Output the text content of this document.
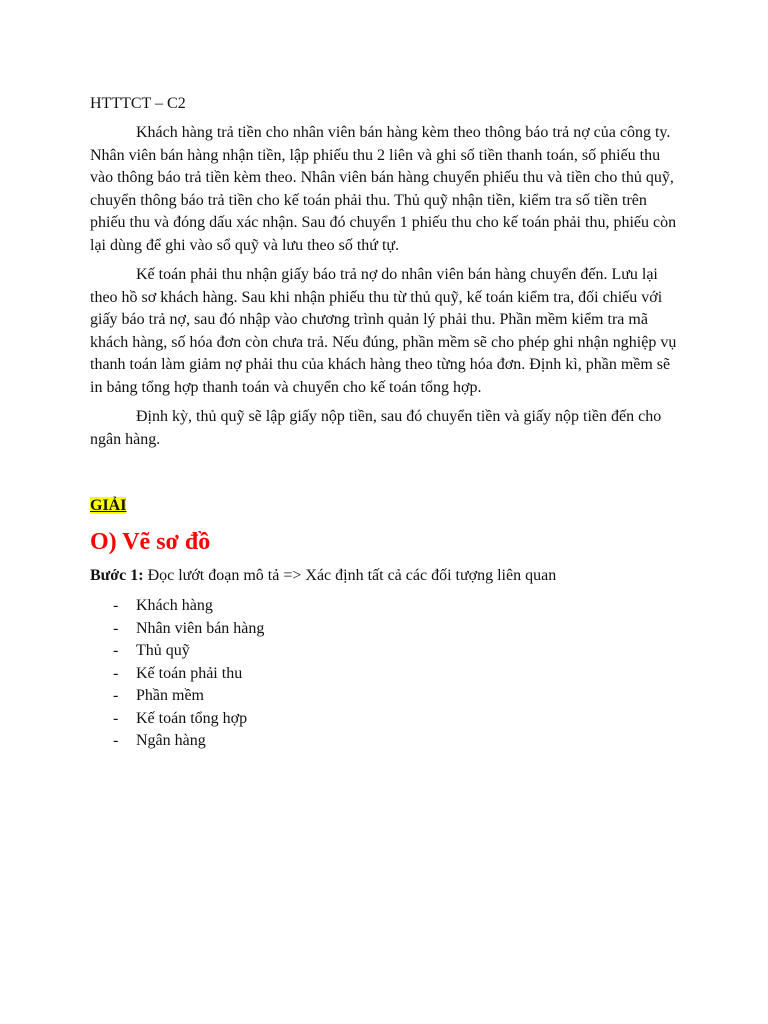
HTTTCT – C2

Khách hàng trả tiền cho nhân viên bán hàng kèm theo thông báo trả nợ của công ty. Nhân viên bán hàng nhận tiền, lập phiếu thu 2 liên và ghi số tiền thanh toán, số phiếu thu vào thông báo trả tiền kèm theo. Nhân viên bán hàng chuyển phiếu thu và tiền cho thủ quỹ, chuyển thông báo trả tiền cho kế toán phải thu. Thủ quỹ nhận tiền, kiểm tra số tiền trên phiếu thu và đóng dấu xác nhận. Sau đó chuyển 1 phiếu thu cho kế toán phải thu, phiếu còn lại dùng để ghi vào sổ quỹ và lưu theo số thứ tự.

Kế toán phải thu nhận giấy báo trả nợ do nhân viên bán hàng chuyển đến. Lưu lại theo hồ sơ khách hàng. Sau khi nhận phiếu thu từ thủ quỹ, kế toán kiểm tra, đối chiếu với giấy báo trả nợ, sau đó nhập vào chương trình quản lý phải thu. Phần mềm kiểm tra mã khách hàng, số hóa đơn còn chưa trả. Nếu đúng, phần mềm sẽ cho phép ghi nhận nghiệp vụ thanh toán làm giảm nợ phải thu của khách hàng theo từng hóa đơn. Định kì, phần mềm sẽ in bảng tổng hợp thanh toán và chuyển cho kế toán tổng hợp.

Định kỳ, thủ quỹ sẽ lập giấy nộp tiền, sau đó chuyển tiền và giấy nộp tiền đến cho ngân hàng.

GIẢI
O) Vẽ sơ đồ

Bước 1: Đọc lướt đoạn mô tả => Xác định tất cả các đối tượng liên quan

- Khách hàng
- Nhân viên bán hàng
- Thủ quỹ
- Kế toán phải thu
- Phần mềm
- Kế toán tổng hợp
- Ngân hàng
